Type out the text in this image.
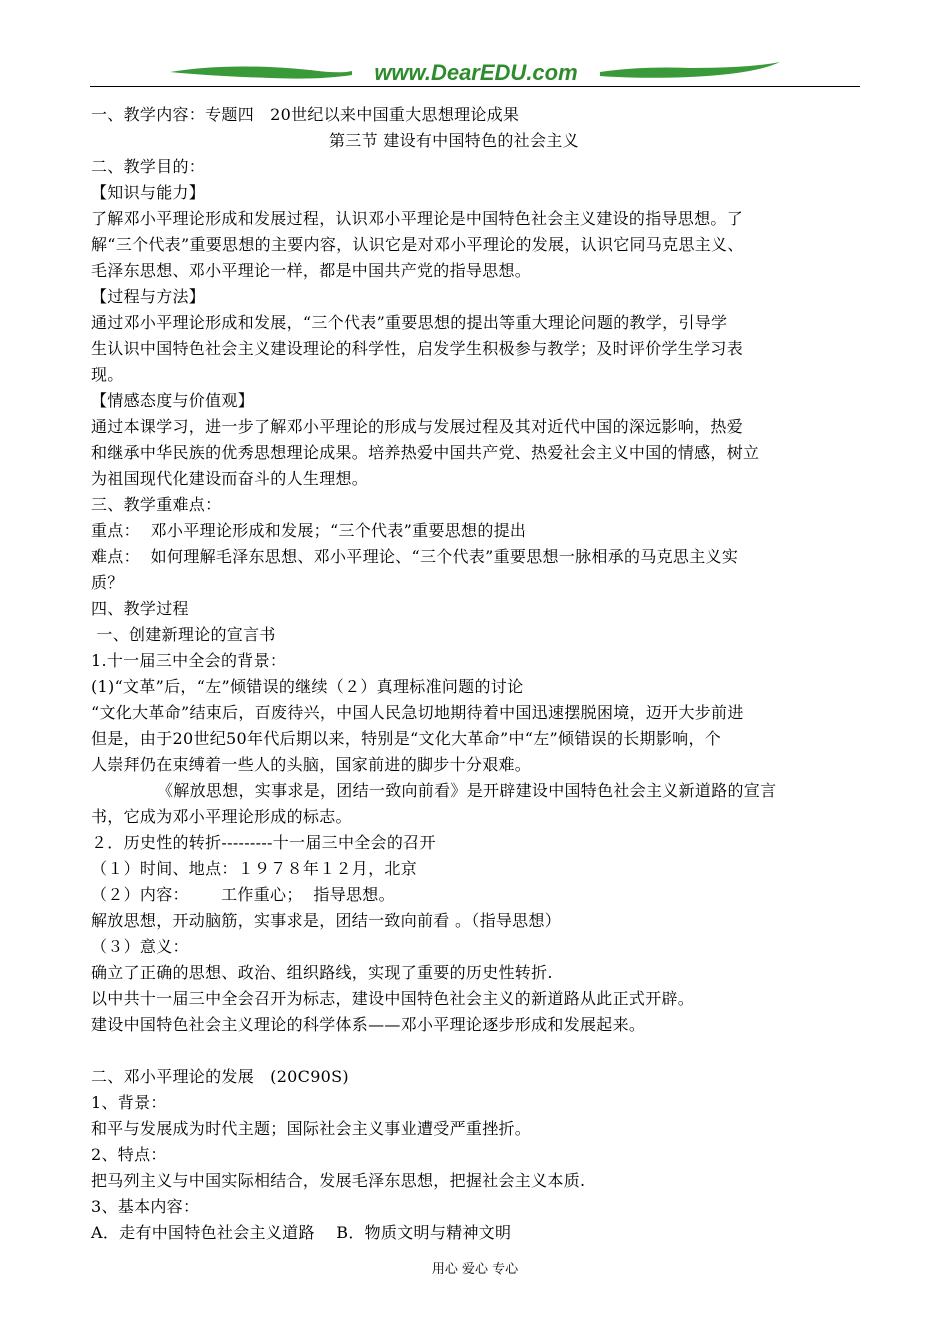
www.DearEDU.com

一、教学内容：专题四   20世纪以来中国重大思想理论成果

第三节 建设有中国特色的社会主义

二、教学目的：

【知识与能力】

了解邓小平理论形成和发展过程，认识邓小平理论是中国特色社会主义建设的指导思想。了

解“三个代表”重要思想的主要内容，认识它是对邓小平理论的发展，认识它同马克思主义、

毛泽东思想、邓小平理论一样，都是中国共产党的指导思想。

【过程与方法】

通过邓小平理论形成和发展，“三个代表”重要思想的提出等重大理论问题的教学，引导学

生认识中国特色社会主义建设理论的科学性，启发学生积极参与教学；及时评价学生学习表

现。

【情感态度与价值观】

通过本课学习，进一步了解邓小平理论的形成与发展过程及其对近代中国的深远影响，热爱

和继承中华民族的优秀思想理论成果。培养热爱中国共产党、热爱社会主义中国的情感，树立

为祖国现代化建设而奋斗的人生理想。

三、教学重难点：

重点：  邓小平理论形成和发展；“三个代表”重要思想的提出

难点：  如何理解毛泽东思想、邓小平理论、“三个代表”重要思想一脉相承的马克思主义实

质？

四、教学过程

一、创建新理论的宣言书

1.十一届三中全会的背景：

(1)“文革”后，“左”倾错误的继续（２）真理标准问题的讨论

“文化大革命”结束后，百废待兴，中国人民急切地期待着中国迅速摆脱困境，迈开大步前进

但是，由于20世纪50年代后期以来，特别是“文化大革命”中“左”倾错误的长期影响，个

人崇拜仍在束缚着一些人的头脑，国家前进的脚步十分艰难。

《解放思想，实事求是，团结一致向前看》是开辟建设中国特色社会主义新道路的宣言

书，它成为邓小平理论形成的标志。

２．历史性的转折---------十一届三中全会的召开

（１）时间、地点：１９７８年１２月，北京

（２）内容：      工作重心；  指导思想。

解放思想，开动脑筋，实事求是，团结一致向前看 。（指导思想）

（３）意义：

确立了正确的思想、政治、组织路线，实现了重要的历史性转折.

以中共十一届三中全会召开为标志，建设中国特色社会主义的新道路从此正式开辟。

建设中国特色社会主义理论的科学体系——邓小平理论逐步形成和发展起来。

二、邓小平理论的发展   (20C90S)

1、背景：

和平与发展成为时代主题；国际社会主义事业遭受严重挫折。

2、特点：

把马列主义与中国实际相结合，发展毛泽东思想，把握社会主义本质.

3、基本内容：

A．走有中国特色社会主义道路    B．物质文明与精神文明

用心 爱心 专心
